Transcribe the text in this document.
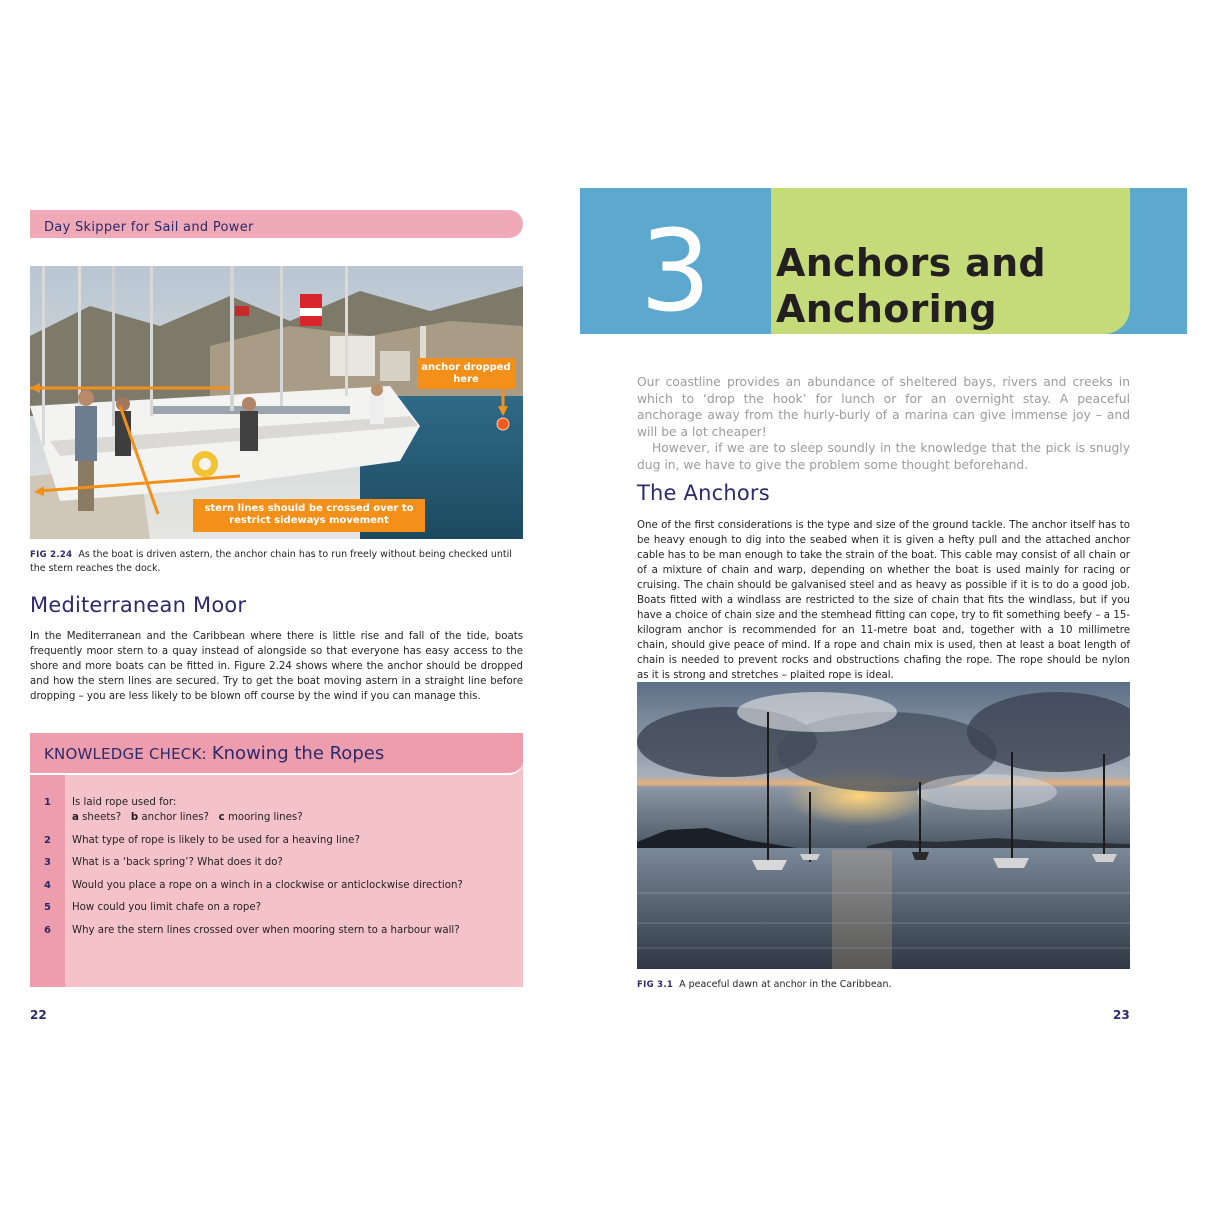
Day Skipper for Sail and Power
anchor dropped here
stern lines should be crossed over to restrict sideways movement
FIG 2.24 As the boat is driven astern, the anchor chain has to run freely without being checked until the stern reaches the dock.
Mediterranean Moor
In the Mediterranean and the Caribbean where there is little rise and fall of the tide, boats frequently moor stern to a quay instead of alongside so that everyone has easy access to the shore and more boats can be fitted in. Figure 2.24 shows where the anchor should be dropped and how the stern lines are secured. Try to get the boat moving astern in a straight line before dropping – you are less likely to be blown off course by the wind if you can manage this.
KNOWLEDGE CHECK: Knowing the Ropes
1 Is laid rope used for:
a sheets? b anchor lines? c mooring lines?
2 What type of rope is likely to be used for a heaving line?
3 What is a ‘back spring’? What does it do?
4 Would you place a rope on a winch in a clockwise or anticlockwise direction?
5 How could you limit chafe on a rope?
6 Why are the stern lines crossed over when mooring stern to a harbour wall?
22
3	Anchors and
Anchoring
Our coastline provides an abundance of sheltered bays, rivers and creeks in which to ‘drop the hook’ for lunch or for an overnight stay. A peaceful anchorage away from the hurly-burly of a marina can give immense joy – and will be a lot cheaper!
However, if we are to sleep soundly in the knowledge that the pick is snugly dug in, we have to give the problem some thought beforehand.
The Anchors
One of the first considerations is the type and size of the ground tackle. The anchor itself has to be heavy enough to dig into the seabed when it is given a hefty pull and the attached anchor cable has to be man enough to take the strain of the boat. This cable may consist of all chain or of a mixture of chain and warp, depending on whether the boat is used mainly for racing or cruising. The chain should be galvanised steel and as heavy as possible if it is to do a good job. Boats fitted with a windlass are restricted to the size of chain that fits the windlass, but if you have a choice of chain size and the stemhead fitting can cope, try to fit something beefy – a 15-kilogram anchor is recommended for an 11-metre boat and, together with a 10 millimetre chain, should give peace of mind. If a rope and chain mix is used, then at least a boat length of chain is needed to prevent rocks and obstructions chafing the rope. The rope should be nylon as it is strong and stretches – plaited rope is ideal.
FIG 3.1 A peaceful dawn at anchor in the Caribbean.
23
